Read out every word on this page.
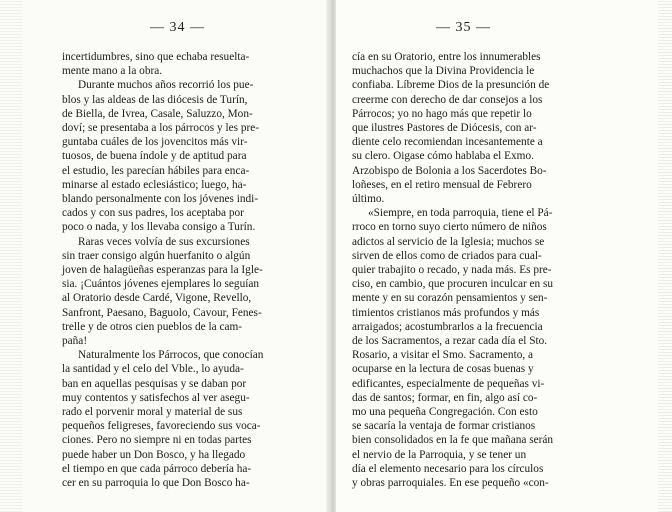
— 34 —
incertidumbres, sino que echaba resuelta-
mente mano a la obra.
Durante muchos años recorrió los pue-
blos y las aldeas de las diócesis de Turín,
de Biella, de Ivrea, Casale, Saluzzo, Mon-
doví; se presentaba a los párrocos y les pre-
guntaba cuáles de los jovencitos más vir-
tuosos, de buena índole y de aptitud para
el estudio, les parecían hábiles para enca-
minarse al estado eclesiástico; luego, ha-
blando personalmente con los jóvenes indi-
cados y con sus padres, los aceptaba por
poco o nada, y los llevaba consigo a Turín.
Raras veces volvía de sus excursiones
sin traer consigo algún huerfanito o algún
joven de halagüeñas esperanzas para la Igle-
sia. ¡Cuántos jóvenes ejemplares lo seguían
al Oratorio desde Cardé, Vigone, Revello,
Sanfront, Paesano, Baguolo, Cavour, Fenes-
trelle y de otros cien pueblos de la cam-
paña!
Naturalmente los Párrocos, que conocían
la santidad y el celo del Vble., lo ayuda-
ban en aquellas pesquisas y se daban por
muy contentos y satisfechos al ver asegu-
rado el porvenir moral y material de sus
pequeños feligreses, favoreciendo sus voca-
ciones. Pero no siempre ni en todas partes
puede haber un Don Bosco, y ha llegado
el tiempo en que cada párroco debería ha-
cer en su parroquia lo que Don Bosco ha-
— 35 —
cía en su Oratorio, entre los innumerables
muchachos que la Divina Providencia le
confiaba. Líbreme Dios de la presunción de
creerme con derecho de dar consejos a los
Párrocos; yo no hago más que repetir lo
que ilustres Pastores de Diócesis, con ar-
diente celo recomiendan incesantemente a
su clero. Oigase cómo hablaba el Exmo.
Arzobispo de Bolonia a los Sacerdotes Bo-
loñeses, en el retiro mensual de Febrero
último.
«Siempre, en toda parroquia, tiene el Pá-
rroco en torno suyo cierto número de niños
adictos al servicio de la Iglesia; muchos se
sirven de ellos como de criados para cual-
quier trabajito o recado, y nada más. Es pre-
ciso, en cambio, que procuren inculcar en su
mente y en su corazón pensamientos y sen-
timientos cristianos más profundos y más
arraigados; acostumbrarlos a la frecuencia
de los Sacramentos, a rezar cada día el Sto.
Rosario, a visitar el Smo. Sacramento, a
ocuparse en la lectura de cosas buenas y
edificantes, especialmente de pequeñas vi-
das de santos; formar, en fin, algo así co-
mo una pequeña Congregación. Con esto
se sacaría la ventaja de formar cristianos
bien consolidados en la fe que mañana serán
el nervio de la Parroquia, y se tener un
día el elemento necesario para los círculos
y obras parroquiales. En ese pequeño «con-
